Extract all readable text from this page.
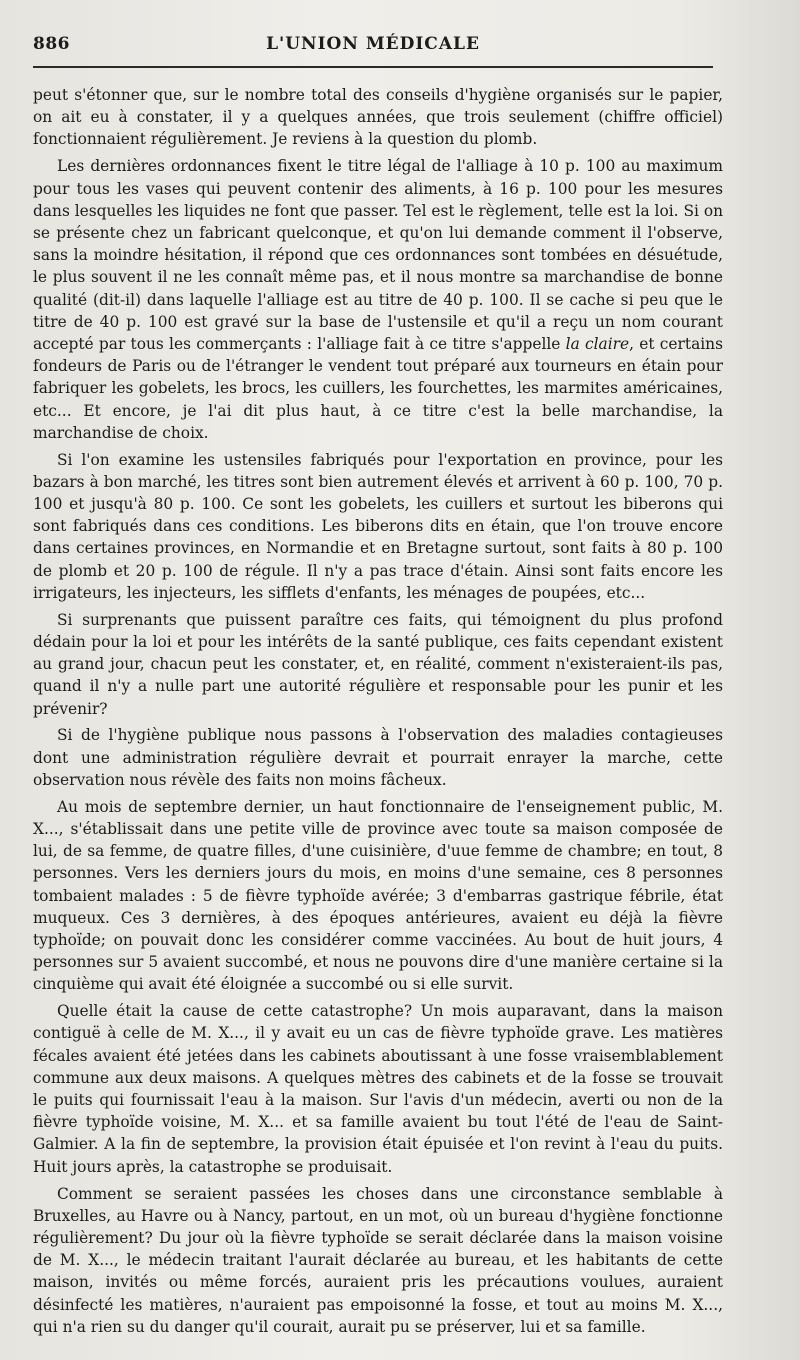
886	L'UNION MÉDICALE

peut s'étonner que, sur le nombre total des conseils d'hygiène organisés sur le papier, on ait eu à constater, il y a quelques années, que trois seulement (chiffre officiel) fonctionnaient régulièrement. Je reviens à la question du plomb.

Les dernières ordonnances fixent le titre légal de l'alliage à 10 p. 100 au maximum pour tous les vases qui peuvent contenir des aliments, à 16 p. 100 pour les mesures dans lesquelles les liquides ne font que passer. Tel est le règlement, telle est la loi. Si on se présente chez un fabricant quelconque, et qu'on lui demande comment il l'observe, sans la moindre hésitation, il répond que ces ordonnances sont tombées en désuétude, le plus souvent il ne les connaît même pas, et il nous montre sa marchandise de bonne qualité (dit-il) dans laquelle l'alliage est au titre de 40 p. 100. Il se cache si peu que le titre de 40 p. 100 est gravé sur la base de l'ustensile et qu'il a reçu un nom courant accepté par tous les commerçants : l'alliage fait à ce titre s'appelle la claire, et certains fondeurs de Paris ou de l'étranger le vendent tout préparé aux tourneurs en étain pour fabriquer les gobelets, les brocs, les cuillers, les fourchettes, les marmites américaines, etc... Et encore, je l'ai dit plus haut, à ce titre c'est la belle marchandise, la marchandise de choix.

Si l'on examine les ustensiles fabriqués pour l'exportation en province, pour les bazars à bon marché, les titres sont bien autrement élevés et arrivent à 60 p. 100, 70 p. 100 et jusqu'à 80 p. 100. Ce sont les gobelets, les cuillers et surtout les biberons qui sont fabriqués dans ces conditions. Les biberons dits en étain, que l'on trouve encore dans certaines provinces, en Normandie et en Bretagne surtout, sont faits à 80 p. 100 de plomb et 20 p. 100 de régule. Il n'y a pas trace d'étain. Ainsi sont faits encore les irrigateurs, les injecteurs, les sifflets d'enfants, les ménages de poupées, etc...

Si surprenants que puissent paraître ces faits, qui témoignent du plus profond dédain pour la loi et pour les intérêts de la santé publique, ces faits cependant existent au grand jour, chacun peut les constater, et, en réalité, comment n'existeraient-ils pas, quand il n'y a nulle part une autorité régulière et responsable pour les punir et les prévenir?

Si de l'hygiène publique nous passons à l'observation des maladies contagieuses dont une administration régulière devrait et pourrait enrayer la marche, cette observation nous révèle des faits non moins fâcheux.

Au mois de septembre dernier, un haut fonctionnaire de l'enseignement public, M. X..., s'établissait dans une petite ville de province avec toute sa maison composée de lui, de sa femme, de quatre filles, d'une cuisinière, d'uue femme de chambre; en tout, 8 personnes. Vers les derniers jours du mois, en moins d'une semaine, ces 8 personnes tombaient malades : 5 de fièvre typhoïde avérée; 3 d'embarras gastrique fébrile, état muqueux. Ces 3 dernières, à des époques antérieures, avaient eu déjà la fièvre typhoïde; on pouvait donc les considérer comme vaccinées. Au bout de huit jours, 4 personnes sur 5 avaient succombé, et nous ne pouvons dire d'une manière certaine si la cinquième qui avait été éloignée a succombé ou si elle survit.

Quelle était la cause de cette catastrophe? Un mois auparavant, dans la maison contiguë à celle de M. X..., il y avait eu un cas de fièvre typhoïde grave. Les matières fécales avaient été jetées dans les cabinets aboutissant à une fosse vraisemblablement commune aux deux maisons. A quelques mètres des cabinets et de la fosse se trouvait le puits qui fournissait l'eau à la maison. Sur l'avis d'un médecin, averti ou non de la fièvre typhoïde voisine, M. X... et sa famille avaient bu tout l'été de l'eau de Saint-Galmier. A la fin de septembre, la provision était épuisée et l'on revint à l'eau du puits. Huit jours après, la catastrophe se produisait.

Comment se seraient passées les choses dans une circonstance semblable à Bruxelles, au Havre ou à Nancy, partout, en un mot, où un bureau d'hygiène fonctionne régulièrement? Du jour où la fièvre typhoïde se serait déclarée dans la maison voisine de M. X..., le médecin traitant l'aurait déclarée au bureau, et les habitants de cette maison, invités ou même forcés, auraient pris les précautions voulues, auraient désinfecté les matières, n'auraient pas empoisonné la fosse, et tout au moins M. X..., qui n'a rien su du danger qu'il courait, aurait pu se préserver, lui et sa famille.
